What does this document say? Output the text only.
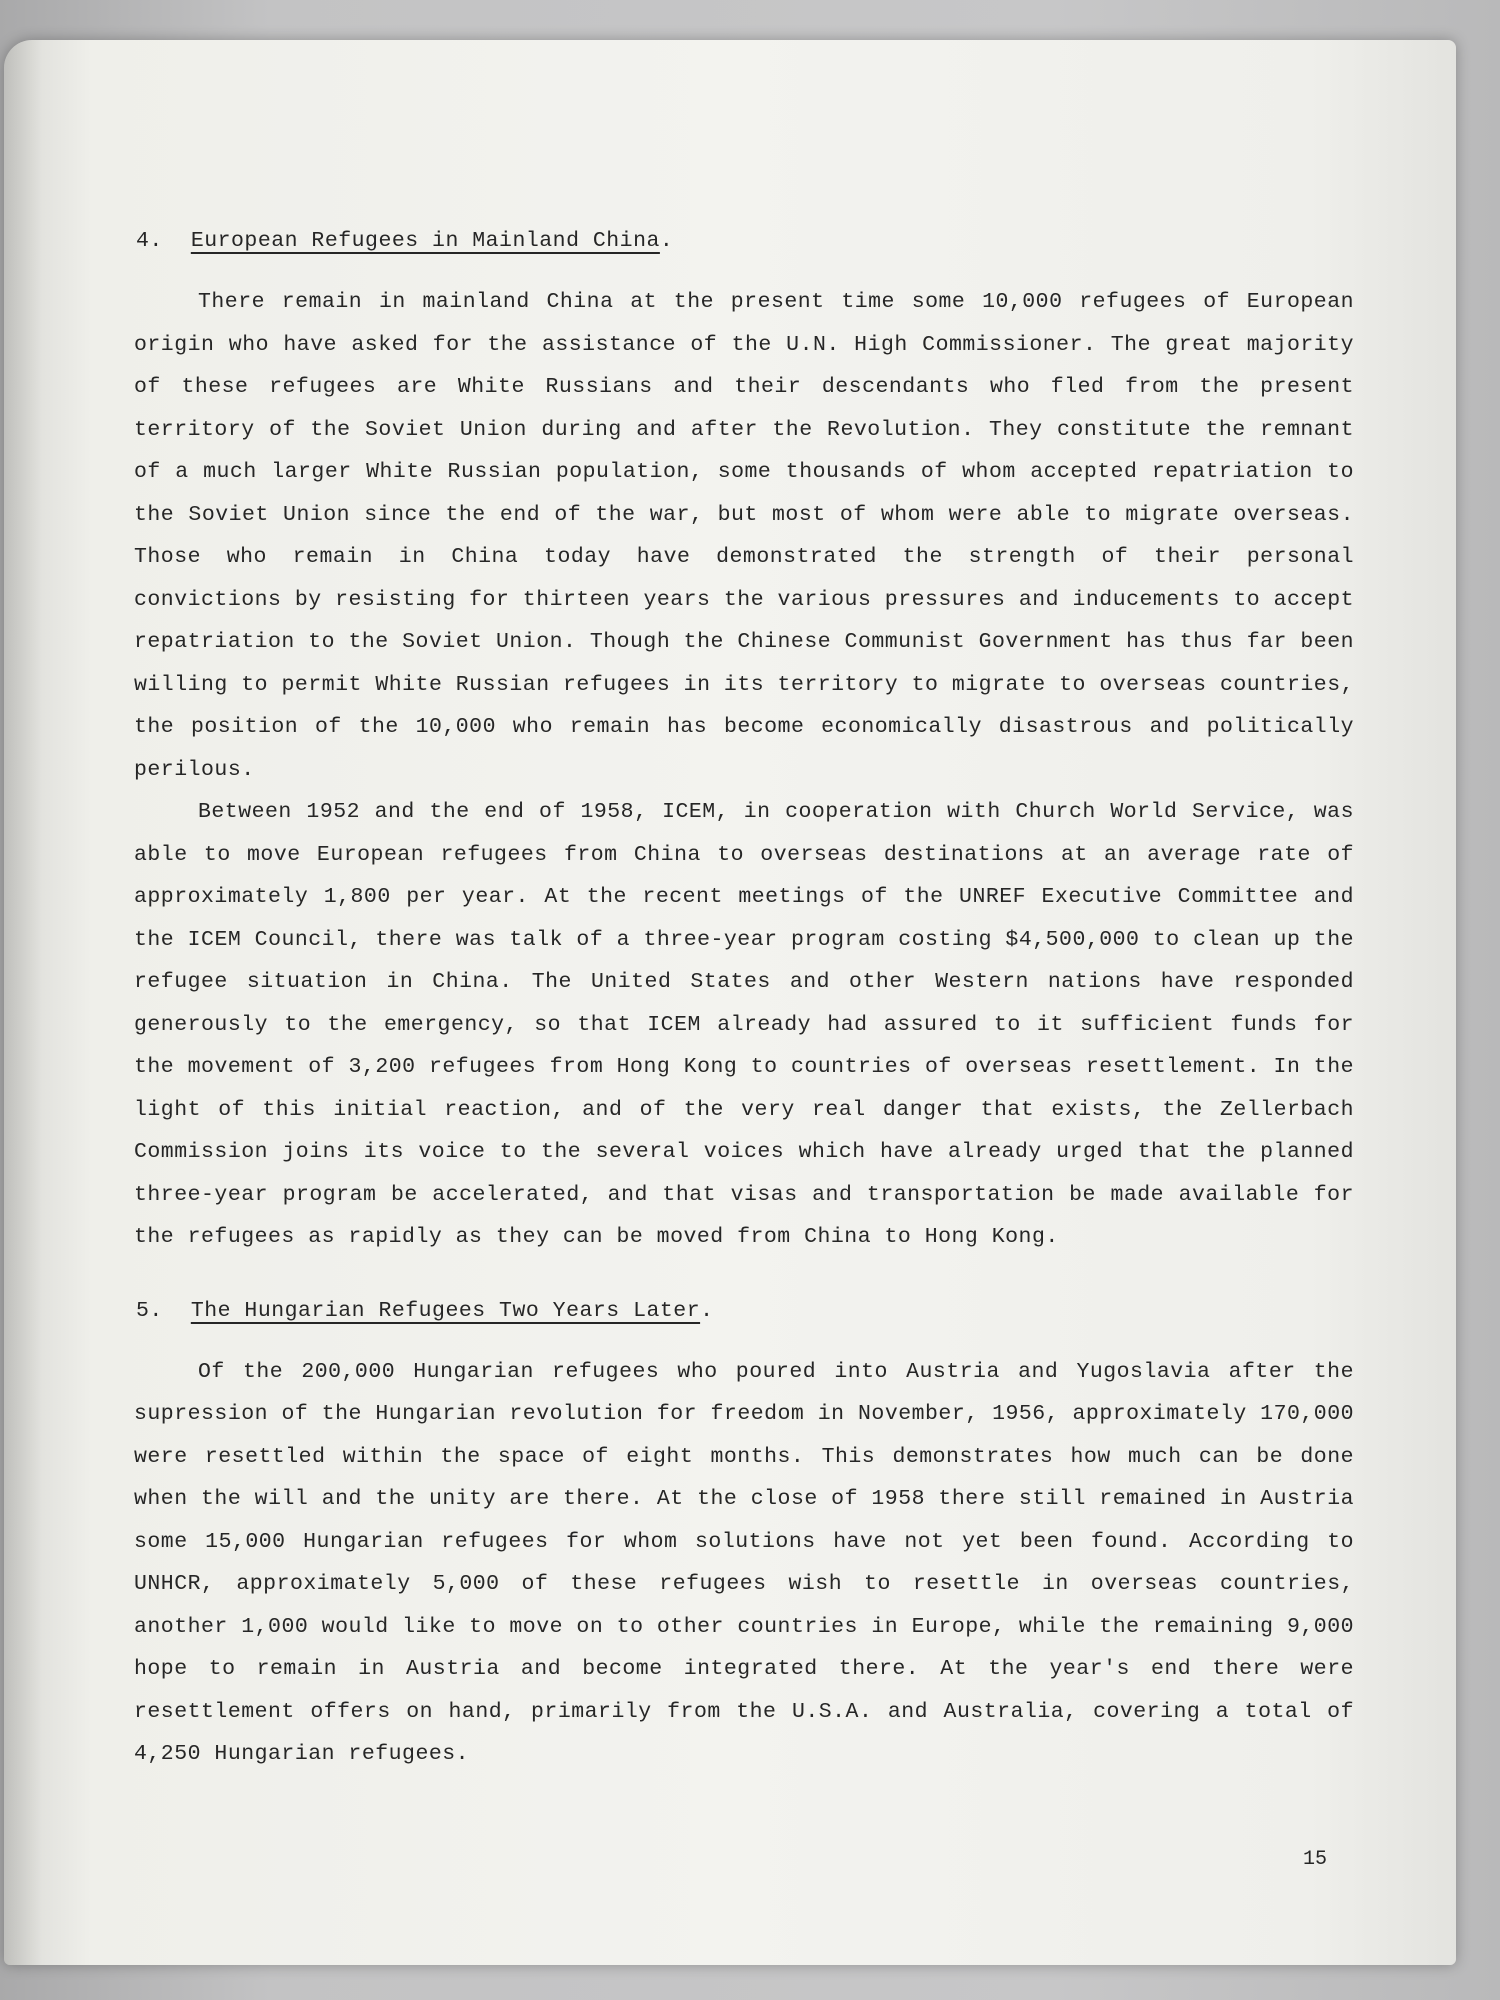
4. European Refugees in Mainland China.

There remain in mainland China at the present time some 10,000 refugees of European origin who have asked for the assistance of the U.N. High Commissioner. The great majority of these refugees are White Russians and their descendants who fled from the present territory of the Soviet Union during and after the Revolution. They constitute the remnant of a much larger White Russian population, some thousands of whom accepted repatriation to the Soviet Union since the end of the war, but most of whom were able to migrate overseas. Those who remain in China today have demonstrated the strength of their personal convictions by resisting for thirteen years the various pressures and inducements to accept repatriation to the Soviet Union. Though the Chinese Communist Government has thus far been willing to permit White Russian refugees in its territory to migrate to overseas countries, the position of the 10,000 who remain has become economically disastrous and politically perilous.

Between 1952 and the end of 1958, ICEM, in cooperation with Church World Service, was able to move European refugees from China to overseas destinations at an average rate of approximately 1,800 per year. At the recent meetings of the UNREF Executive Committee and the ICEM Council, there was talk of a three-year program costing $4,500,000 to clean up the refugee situation in China. The United States and other Western nations have responded generously to the emergency, so that ICEM already had assured to it sufficient funds for the movement of 3,200 refugees from Hong Kong to countries of overseas resettlement. In the light of this initial reaction, and of the very real danger that exists, the Zellerbach Commission joins its voice to the several voices which have already urged that the planned three-year program be accelerated, and that visas and transportation be made available for the refugees as rapidly as they can be moved from China to Hong Kong.

5. The Hungarian Refugees Two Years Later.

Of the 200,000 Hungarian refugees who poured into Austria and Yugoslavia after the supression of the Hungarian revolution for freedom in November, 1956, approximately 170,000 were resettled within the space of eight months. This demonstrates how much can be done when the will and the unity are there. At the close of 1958 there still remained in Austria some 15,000 Hungarian refugees for whom solutions have not yet been found. According to UNHCR, approximately 5,000 of these refugees wish to resettle in overseas countries, another 1,000 would like to move on to other countries in Europe, while the remaining 9,000 hope to remain in Austria and become integrated there. At the year's end there were resettlement offers on hand, primarily from the U.S.A. and Australia, covering a total of 4,250 Hungarian refugees.

15
